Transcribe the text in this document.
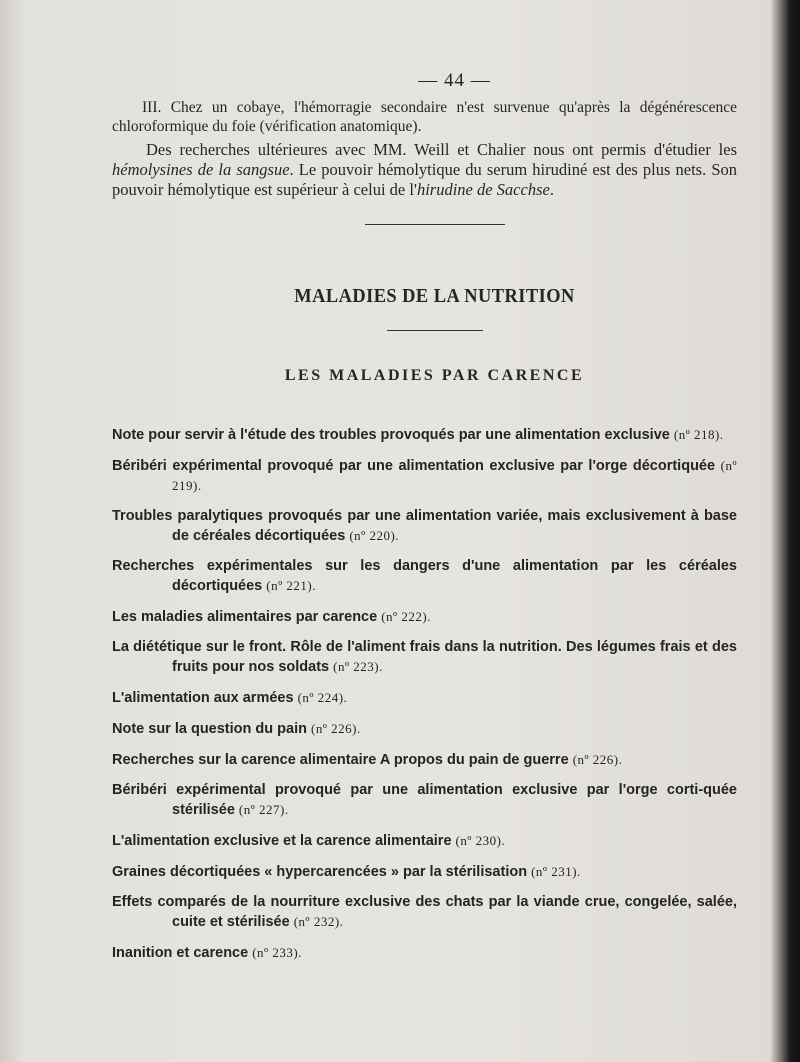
— 44 —

III. Chez un cobaye, l'hémorragie secondaire n'est survenue qu'après la dégénérescence chloroformique du foie (vérification anatomique).

Des recherches ultérieures avec MM. Weill et Chalier nous ont permis d'étudier les hémolysines de la sangsue. Le pouvoir hémolytique du serum hirudiné est des plus nets. Son pouvoir hémolytique est supérieur à celui de l'hirudine de Sacchse.

MALADIES DE LA NUTRITION
LES MALADIES PAR CARENCE

Note pour servir à l'étude des troubles provoqués par une alimentation exclusive (nº 218).

Béribéri expérimental provoqué par une alimentation exclusive par l'orge décortiquée (nº 219).

Troubles paralytiques provoqués par une alimentation variée, mais exclusivement à base de céréales décortiquées (nº 220).

Recherches expérimentales sur les dangers d'une alimentation par les céréales décortiquées (nº 221).

Les maladies alimentaires par carence (nº 222).

La diététique sur le front. Rôle de l'aliment frais dans la nutrition. Des légumes frais et des fruits pour nos soldats (nº 223).

L'alimentation aux armées (nº 224).

Note sur la question du pain (nº 226).

Recherches sur la carence alimentaire A propos du pain de guerre (nº 226).

Béribéri expérimental provoqué par une alimentation exclusive par l'orge corti-quée stérilisée (nº 227).

L'alimentation exclusive et la carence alimentaire (nº 230).

Graines décortiquées « hypercarencées » par la stérilisation (nº 231).

Effets comparés de la nourriture exclusive des chats par la viande crue, congelée, salée, cuite et stérilisée (nº 232).

Inanition et carence (nº 233).
